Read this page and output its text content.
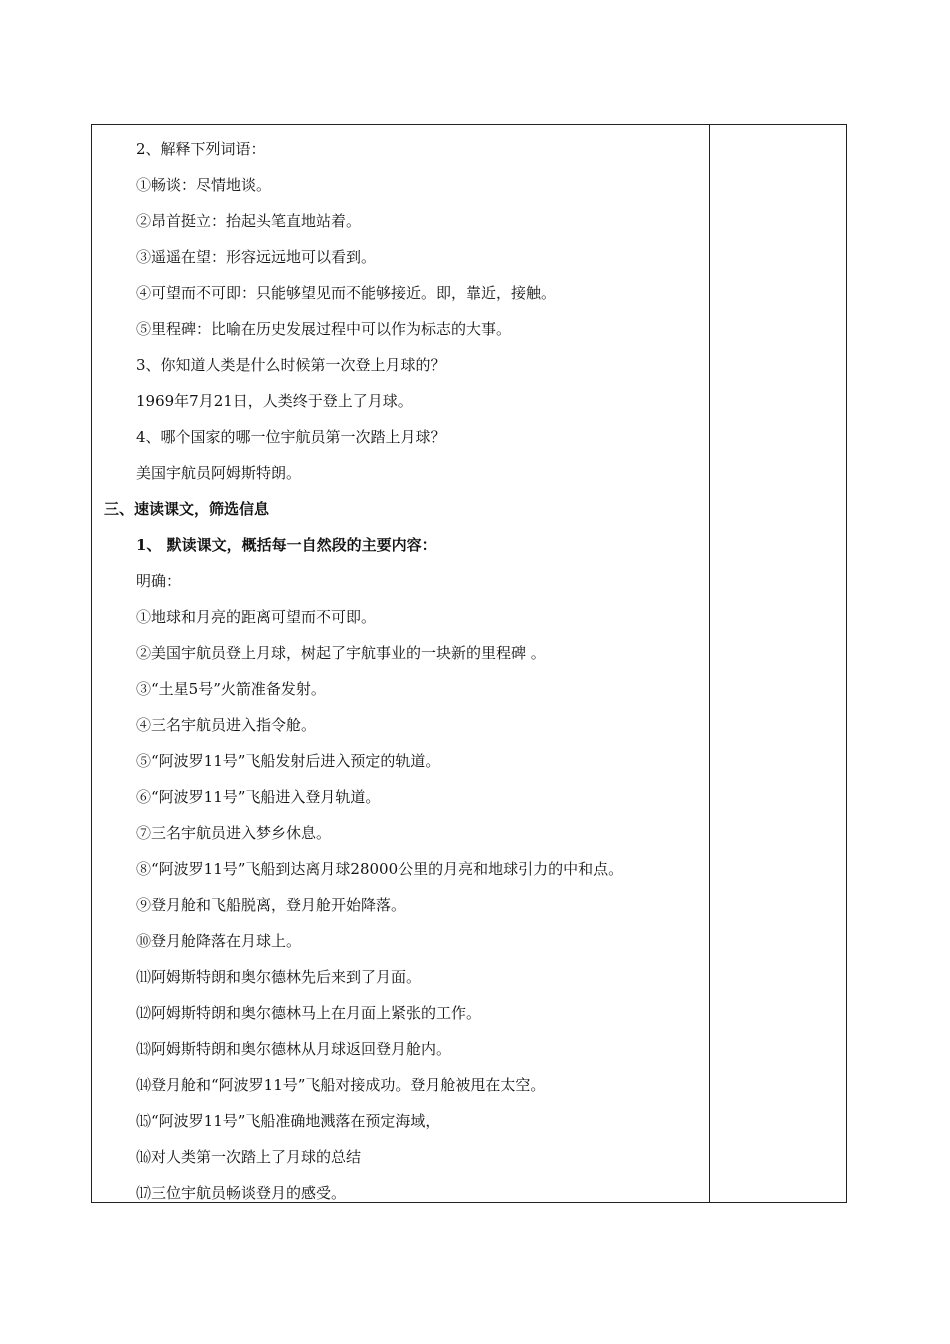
2、解释下列词语：
①畅谈：尽情地谈。
②昂首挺立：抬起头笔直地站着。
③遥遥在望：形容远远地可以看到。
④可望而不可即：只能够望见而不能够接近。即，靠近，接触。
⑤里程碑：比喻在历史发展过程中可以作为标志的大事。
3、你知道人类是什么时候第一次登上月球的？
1969年7月21日，人类终于登上了月球。
4、哪个国家的哪一位宇航员第一次踏上月球？
美国宇航员阿姆斯特朗。
三、速读课文，筛选信息
1、 默读课文，概括每一自然段的主要内容：
明确：
①地球和月亮的距离可望而不可即。
②美国宇航员登上月球，树起了宇航事业的一块新的里程碑 。
③“土星5号”火箭准备发射。
④三名宇航员进入指令舱。
⑤“阿波罗11号”飞船发射后进入预定的轨道。
⑥“阿波罗11号”飞船进入登月轨道。
⑦三名宇航员进入梦乡休息。
⑧“阿波罗11号”飞船到达离月球28000公里的月亮和地球引力的中和点。
⑨登月舱和飞船脱离，登月舱开始降落。
⑩登月舱降落在月球上。
⑾阿姆斯特朗和奥尔德林先后来到了月面。
⑿阿姆斯特朗和奥尔德林马上在月面上紧张的工作。
⒀阿姆斯特朗和奥尔德林从月球返回登月舱内。
⒁登月舱和“阿波罗11号”飞船对接成功。登月舱被甩在太空。
⒂“阿波罗11号”飞船准确地溅落在预定海域，
⒃对人类第一次踏上了月球的总结
⒄三位宇航员畅谈登月的感受。
